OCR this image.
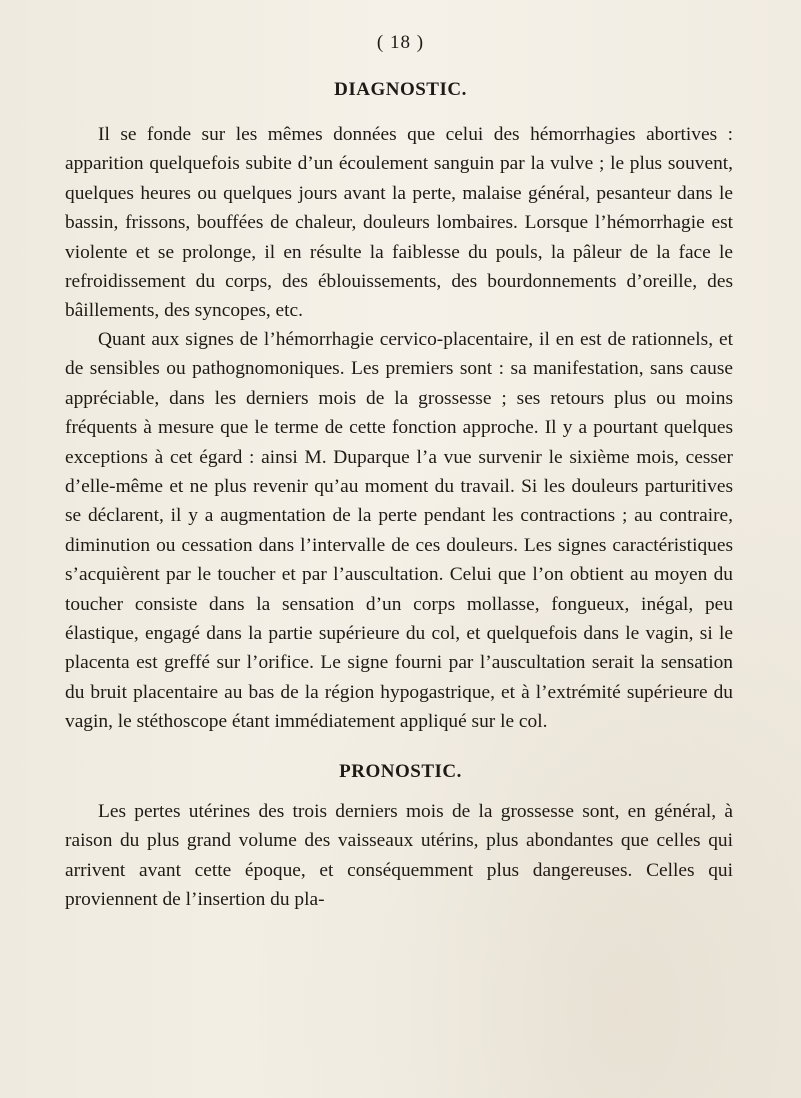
( 18 )
DIAGNOSTIC.

Il se fonde sur les mêmes données que celui des hémorrhagies abortives : apparition quelquefois subite d’un écoulement sanguin par la vulve ; le plus souvent, quelques heures ou quelques jours avant la perte, malaise général, pesanteur dans le bassin, frissons, bouffées de chaleur, douleurs lombaires. Lorsque l’hémorrhagie est violente et se prolonge, il en résulte la faiblesse du pouls, la pâleur de la face le refroidissement du corps, des éblouissements, des bourdonnements d’oreille, des bâillements, des syncopes, etc.

Quant aux signes de l’hémorrhagie cervico-placentaire, il en est de rationnels, et de sensibles ou pathognomoniques. Les premiers sont : sa manifestation, sans cause appréciable, dans les derniers mois de la grossesse ; ses retours plus ou moins fréquents à mesure que le terme de cette fonction approche. Il y a pourtant quelques exceptions à cet égard : ainsi M. Duparque l’a vue survenir le sixième mois, cesser d’elle-même et ne plus revenir qu’au moment du travail. Si les douleurs parturitives se déclarent, il y a augmentation de la perte pendant les contractions ; au contraire, diminution ou cessation dans l’intervalle de ces douleurs. Les signes caractéristiques s’acquièrent par le toucher et par l’auscultation. Celui que l’on obtient au moyen du toucher consiste dans la sensation d’un corps mollasse, fongueux, inégal, peu élastique, engagé dans la partie supérieure du col, et quelquefois dans le vagin, si le placenta est greffé sur l’orifice. Le signe fourni par l’auscultation serait la sensation du bruit placentaire au bas de la région hypogastrique, et à l’extrémité supérieure du vagin, le stéthoscope étant immédiatement appliqué sur le col.

PRONOSTIC.

Les pertes utérines des trois derniers mois de la grossesse sont, en général, à raison du plus grand volume des vaisseaux utérins, plus abondantes que celles qui arrivent avant cette époque, et conséquemment plus dangereuses. Celles qui proviennent de l’insertion du pla-
